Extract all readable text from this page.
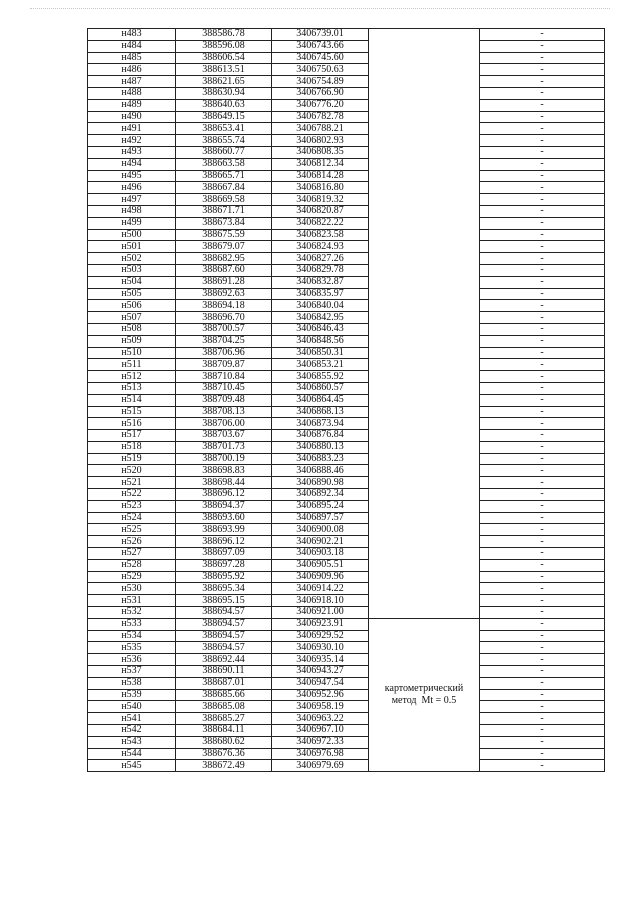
н483	388586.78	3406739.01		-
н484	388596.08	3406743.66		-
н485	388606.54	3406745.60		-
н486	388613.51	3406750.63		-
н487	388621.65	3406754.89		-
н488	388630.94	3406766.90		-
н489	388640.63	3406776.20		-
н490	388649.15	3406782.78		-
н491	388653.41	3406788.21		-
н492	388655.74	3406802.93		-
н493	388660.77	3406808.35		-
н494	388663.58	3406812.34		-
н495	388665.71	3406814.28		-
н496	388667.84	3406816.80		-
н497	388669.58	3406819.32		-
н498	388671.71	3406820.87		-
н499	388673.84	3406822.22		-
н500	388675.59	3406823.58		-
н501	388679.07	3406824.93		-
н502	388682.95	3406827.26		-
н503	388687.60	3406829.78		-
н504	388691.28	3406832.87		-
н505	388692.63	3406835.97		-
н506	388694.18	3406840.04		-
н507	388696.70	3406842.95		-
н508	388700.57	3406846.43		-
н509	388704.25	3406848.56		-
н510	388706.96	3406850.31		-
н511	388709.87	3406853.21		-
н512	388710.84	3406855.92		-
н513	388710.45	3406860.57		-
н514	388709.48	3406864.45		-
н515	388708.13	3406868.13		-
н516	388706.00	3406873.94		-
н517	388703.67	3406876.84		-
н518	388701.73	3406880.13		-
н519	388700.19	3406883.23		-
н520	388698.83	3406888.46		-
н521	388698.44	3406890.98		-
н522	388696.12	3406892.34		-
н523	388694.37	3406895.24		-
н524	388693.60	3406897.57		-
н525	388693.99	3406900.08		-
н526	388696.12	3406902.21		-
н527	388697.09	3406903.18		-
н528	388697.28	3406905.51		-
н529	388695.92	3406909.96		-
н530	388695.34	3406914.22		-
н531	388695.15	3406918.10		-
н532	388694.57	3406921.00		-
н533	388694.57	3406923.91	картометрический
метод  Mt = 0.5	-
н534	388694.57	3406929.52		-
н535	388694.57	3406930.10		-
н536	388692.44	3406935.14		-
н537	388690.11	3406943.27		-
н538	388687.01	3406947.54		-
н539	388685.66	3406952.96		-
н540	388685.08	3406958.19		-
н541	388685.27	3406963.22		-
н542	388684.11	3406967.10		-
н543	388680.62	3406972.33		-
н544	388676.36	3406976.98		-
н545	388672.49	3406979.69		-
